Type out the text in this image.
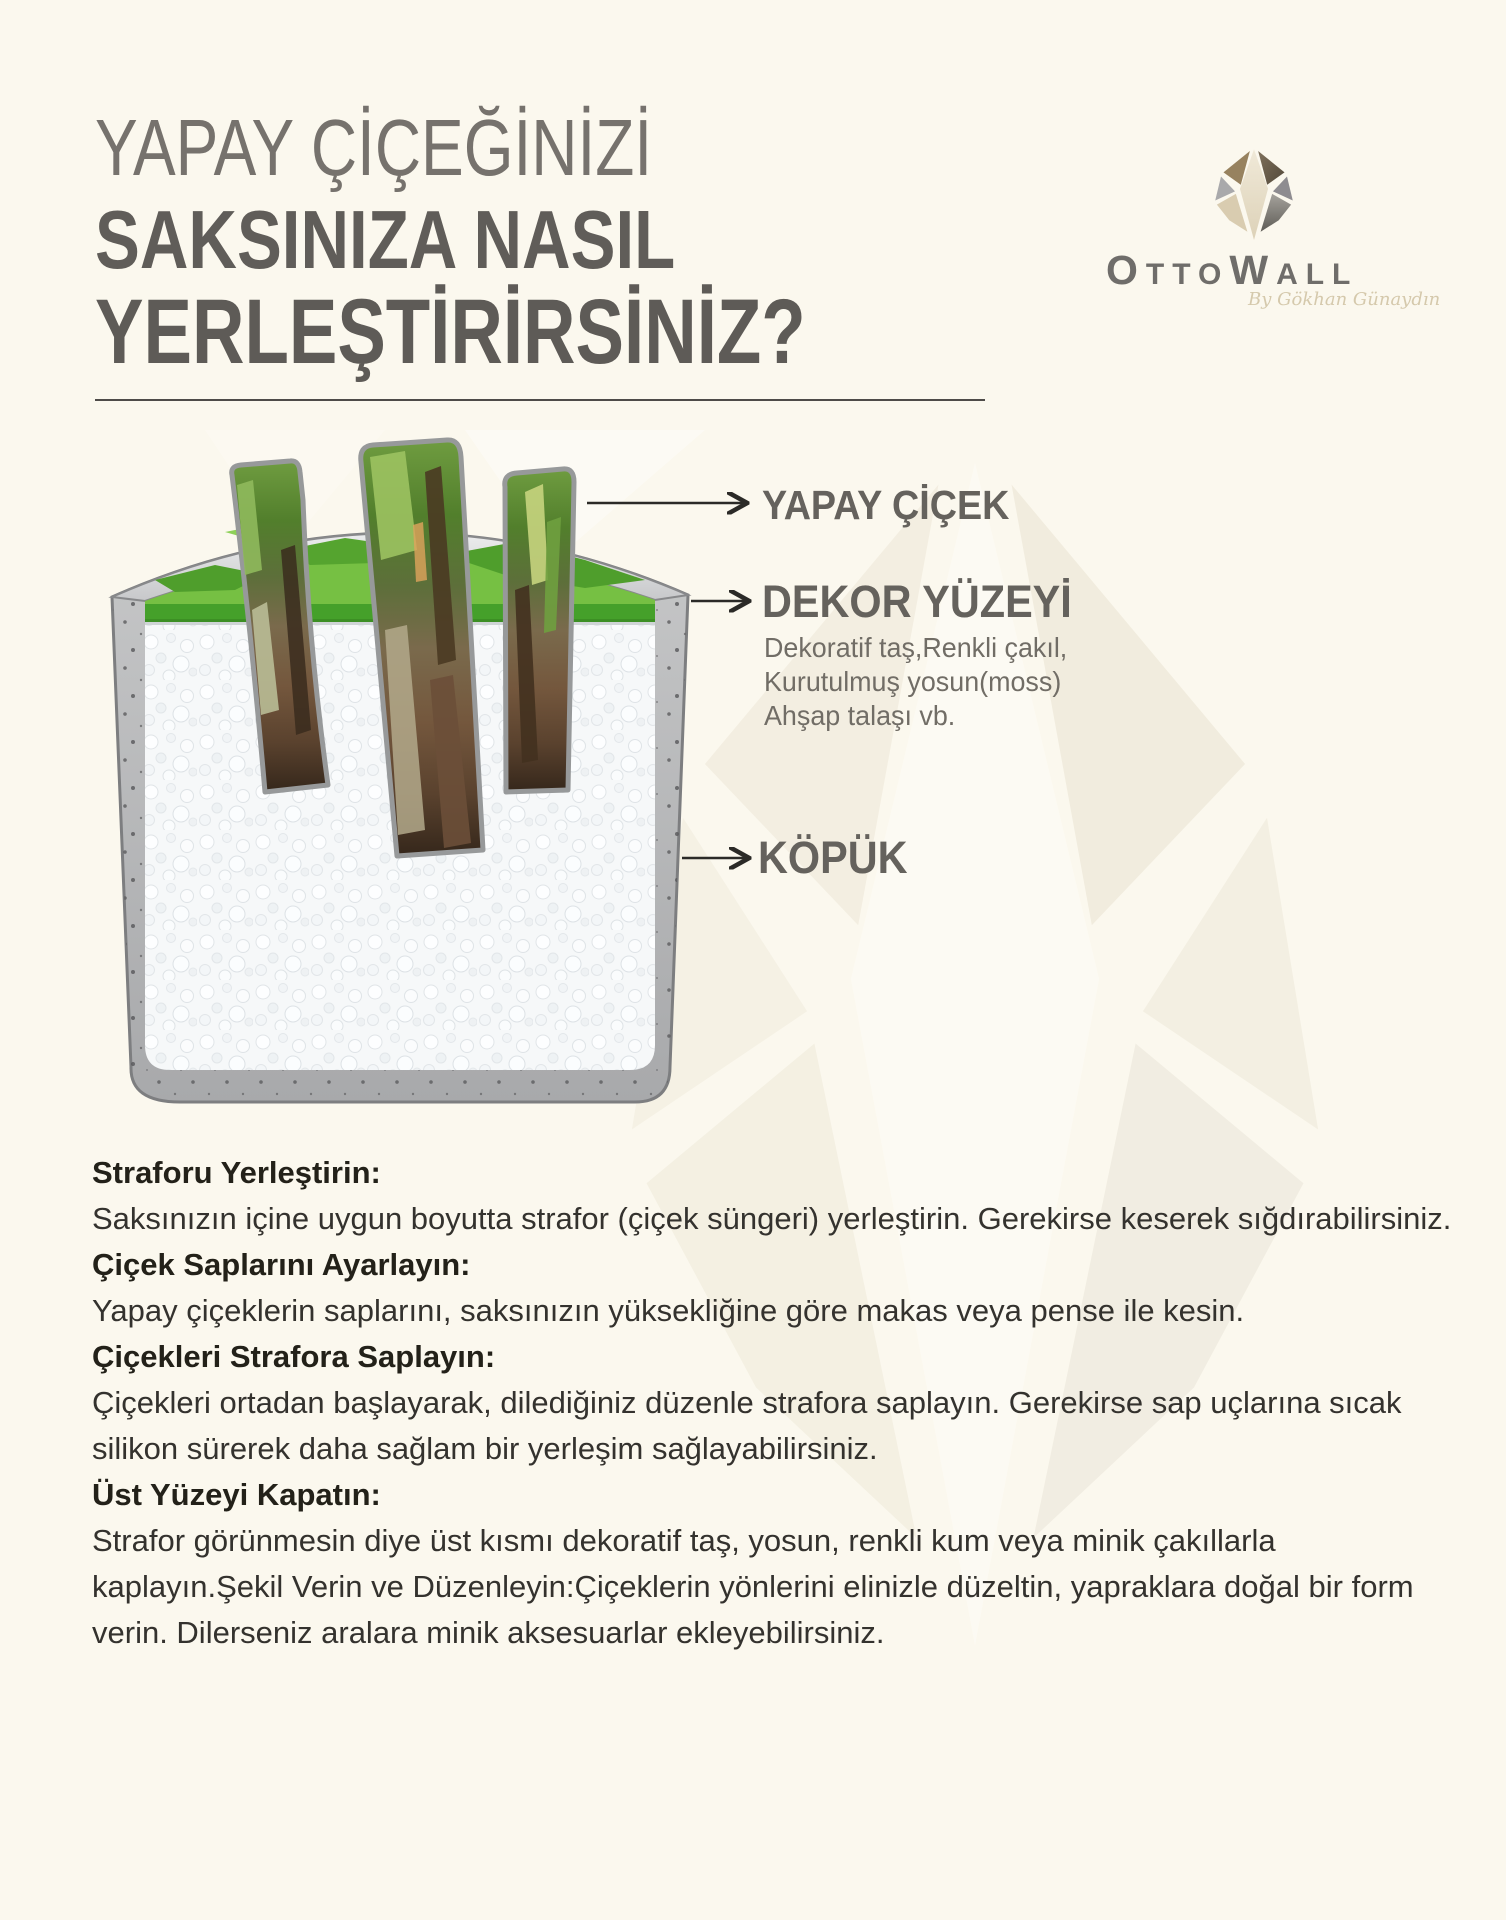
YAPAY ÇİÇEĞİNİZİ
SAKSINIZA NASIL
YERLEŞTİRİRSİNİZ?
O TTO W ALL
By Gökhan Günaydın
YAPAY ÇİÇEK
DEKOR YÜZEYİ
Dekoratif taş,Renkli çakıl,
Kurutulmuş yosun(moss)
Ahşap talaşı vb.
KÖPÜK

Straforu Yerleştirin:

Saksınızın içine uygun boyutta strafor (çiçek süngeri) yerleştirin. Gerekirse keserek sığdırabilirsiniz.

Çiçek Saplarını Ayarlayın:

Yapay çiçeklerin saplarını, saksınızın yüksekliğine göre makas veya pense ile kesin.

Çiçekleri Strafora Saplayın:

Çiçekleri ortadan başlayarak, dilediğiniz düzenle strafora saplayın. Gerekirse sap uçlarına sıcak silikon sürerek daha sağlam bir yerleşim sağlayabilirsiniz.

Üst Yüzeyi Kapatın:

Strafor görünmesin diye üst kısmı dekoratif taş, yosun, renkli kum veya minik çakıllarla kaplayın.Şekil Verin ve Düzenleyin:Çiçeklerin yönlerini elinizle düzeltin, yapraklara doğal bir form verin. Dilerseniz aralara minik aksesuarlar ekleyebilirsiniz.
